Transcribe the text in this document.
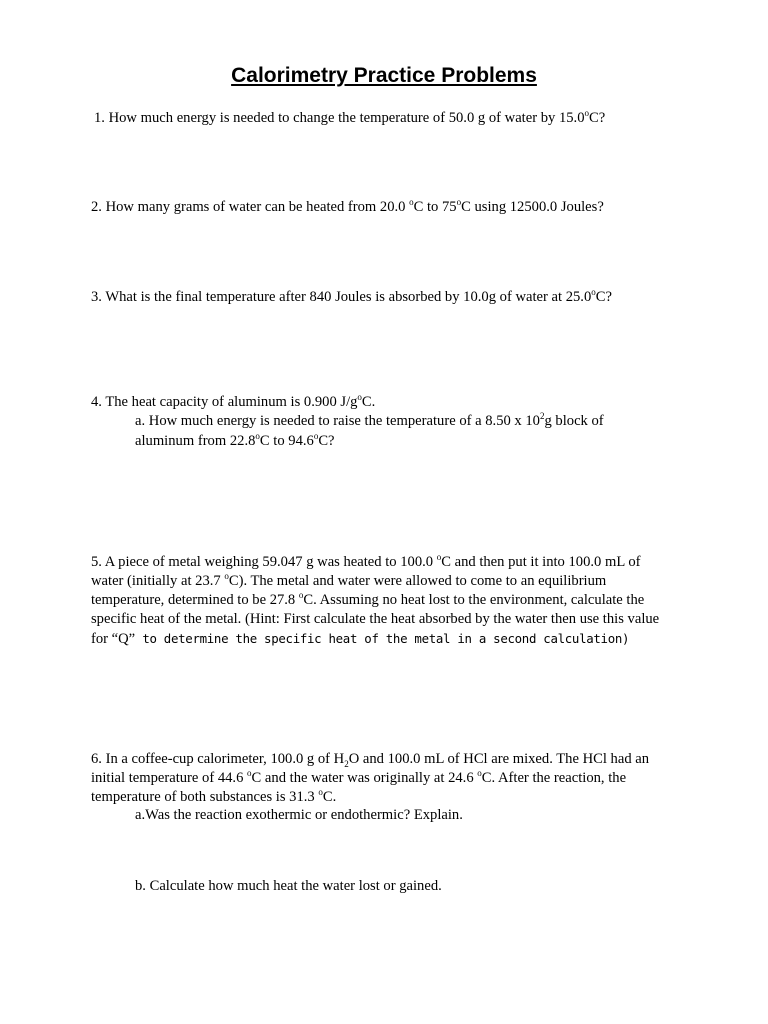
Calorimetry Practice Problems

1. How much energy is needed to change the temperature of 50.0 g of water by 15.0$^o$C?

2. How many grams of water can be heated from 20.0 $^o$C to 75$^o$C using 12500.0 Joules?

3. What is the final temperature after 840 Joules is absorbed by 10.0g of water at 25.0$^o$C?

4. The heat capacity of aluminum is 0.900 $J/g^oC$.

a. How much energy is needed to raise the temperature of a 8.50 x $10^2g$ block of

aluminum from 22.8$^o$C to 94.6$^o$C?

5. A piece of metal weighing 59.047 g was heated to 100.0 $^o$C and then put it into 100.0 mL of

water (initially at 23.7 $^o$C). The metal and water were allowed to come to an equilibrium

temperature, determined to be 27.8 $^o$C. Assuming no heat lost to the environment, calculate the

specific heat of the metal. (Hint: First calculate the heat absorbed by the water then use this value

for “Q” to determine the specific heat of the metal in a second calculation)

6. In a coffee-cup calorimeter, 100.0 g of $H_2O$ and 100.0 mL of HCl are mixed. The HCl had an

initial temperature of 44.6 $^o$C and the water was originally at 24.6 $^o$C. After the reaction, the

temperature of both substances is 31.3 $^o$C.

a.Was the reaction exothermic or endothermic? Explain.

b. Calculate how much heat the water lost or gained.
